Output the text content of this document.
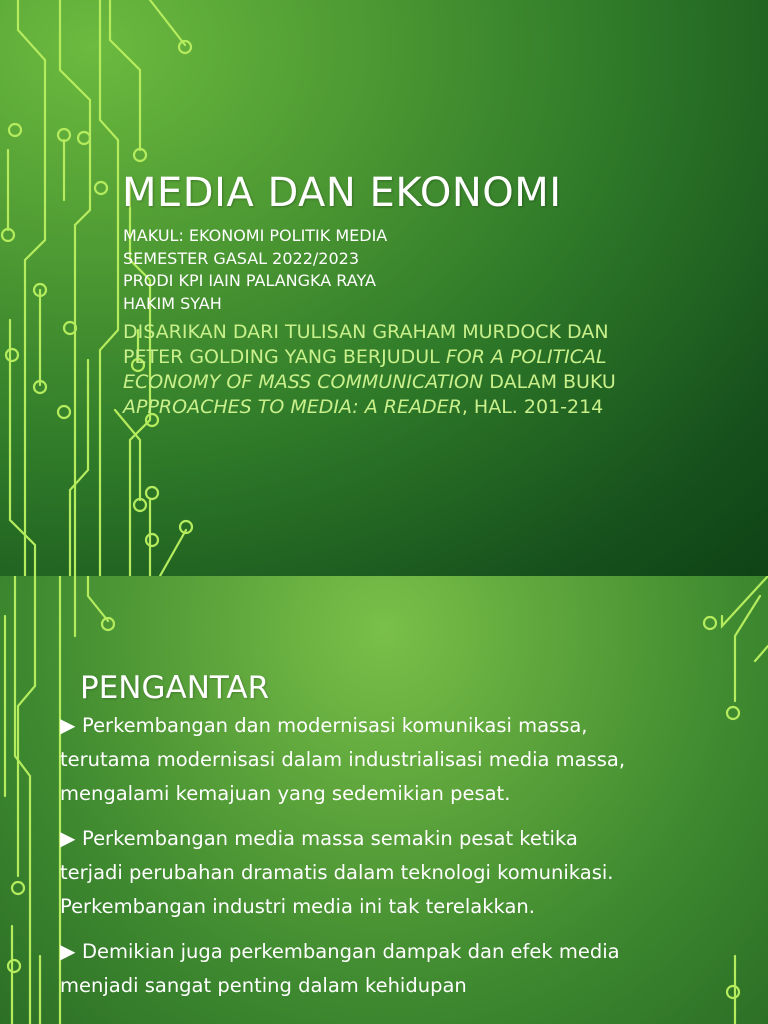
MEDIA DAN EKONOMI
MAKUL: EKONOMI POLITIK MEDIA
SEMESTER GASAL 2022/2023
PRODI KPI IAIN PALANGKA RAYA
HAKIM SYAH
DISARIKAN DARI TULISAN GRAHAM MURDOCK DAN PETER GOLDING YANG BERJUDUL FOR A POLITICAL ECONOMY OF MASS COMMUNICATION DALAM BUKU APPROACHES TO MEDIA: A READER, HAL. 201-214
PENGANTAR
▶ Perkembangan dan modernisasi komunikasi massa, terutama modernisasi dalam industrialisasi media massa, mengalami kemajuan yang sedemikian pesat.
▶ Perkembangan media massa semakin pesat ketika terjadi perubahan dramatis dalam teknologi komunikasi. Perkembangan industri media ini tak terelakkan.
▶ Demikian juga perkembangan dampak dan efek media menjadi sangat penting dalam kehidupan
